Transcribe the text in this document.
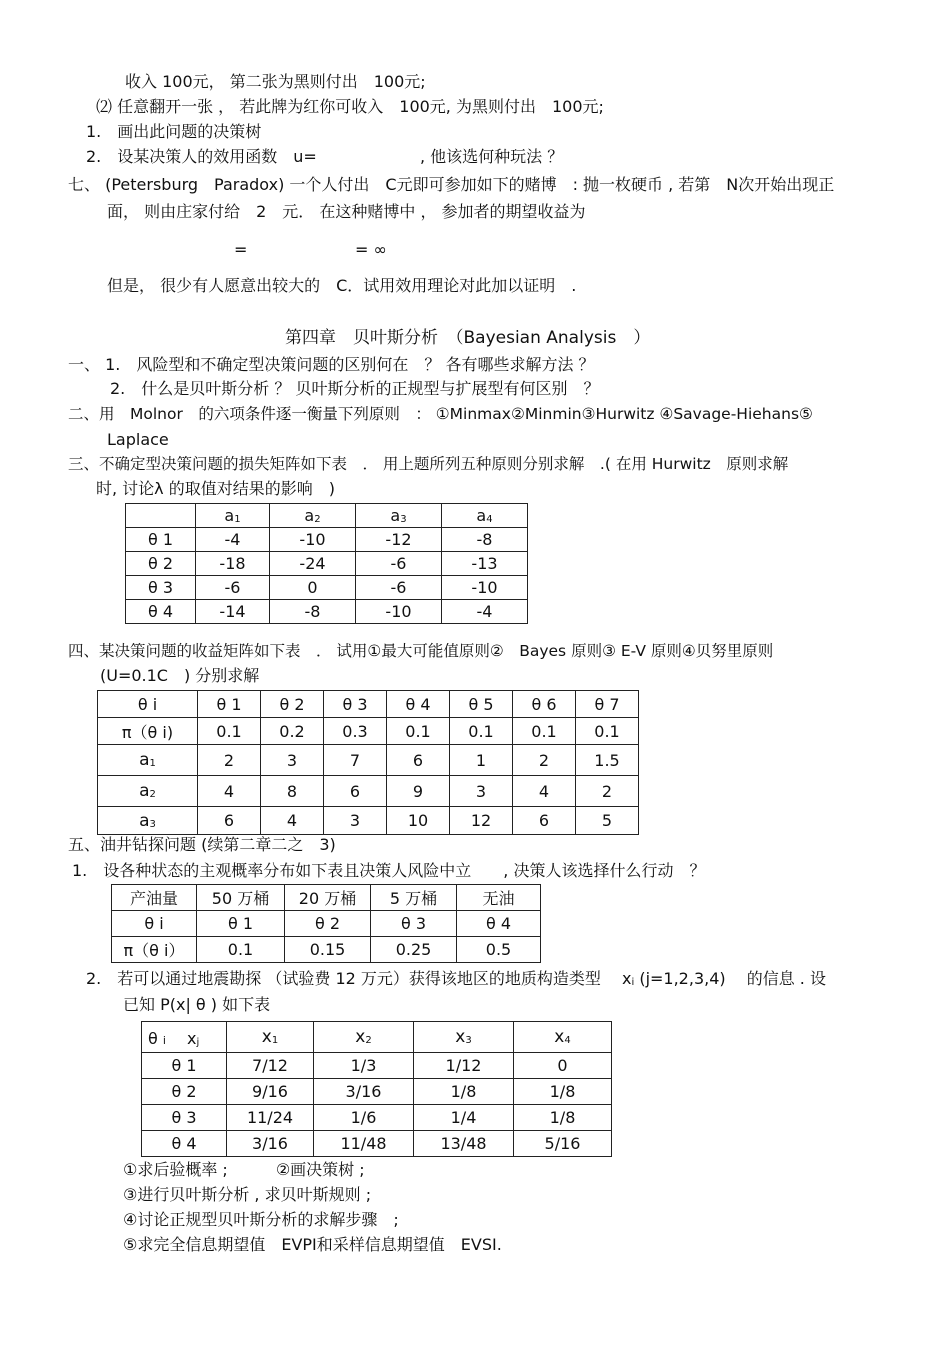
收入 100元， 第二张为黑则付出　100元;
⑵ 任意翻开一张 ， 若此牌为红你可收入　100元, 为黑则付出　100元;
1.　画出此问题的决策树
2.　设某决策人的效用函数　u=	, 他该选何种玩法 ？
七、 (Petersburg　Paradox) 一个人付出　C元即可参加如下的赌博　: 抛一枚硬币 , 若第　N次开始出现正
面， 则由庄家付给　2　元． 在这种赌博中 ， 参加者的期望收益为
=	= ∞
但是， 很少有人愿意出较大的　C．试用效用理论对此加以证明　.
第四章　贝叶斯分析　（Bayesian Analysis　）
一、 1.　风险型和不确定型决策问题的区别何在　？ 各有哪些求解方法 ？
2.　什么是贝叶斯分析 ？ 贝叶斯分析的正规型与扩展型有何区别　？
二、用　Molnor　的六项条件逐一衡量下列原则　： ①Minmax②Minmin③Hurwitz ④Savage-Hiehans⑤
Laplace
三、不确定型决策问题的损失矩阵如下表　． 用上题所列五种原则分别求解　.( 在用 Hurwitz　原则求解
时, 讨论λ 的取值对结果的影响　)
	$a_1$	$a_2$	$a_3$	$a_4$
θ 1	-4	-10	-12	-8
θ 2	-18	-24	-6	-13
θ 3	-6	0	-6	-10
θ 4	-14	-8	-10	-4
四、某决策问题的收益矩阵如下表　． 试用①最大可能值原则②　Bayes 原则③ E-V 原则④贝努里原则
(U=0.1C　) 分别求解
θ i	θ 1	θ 2	θ 3	θ 4	θ 5	θ 6	θ 7
π（θ i)	0.1	0.2	0.3	0.1	0.1	0.1	0.1
$a_1$	2	3	7	6	1	2	1.5
$a_2$	4	8	6	9	3	4	2
$a_3$	6	4	3	10	12	6	5
五、油井钻探问题 (续第二章二之　3)
1.　设各种状态的主观概率分布如下表且决策人风险中立　　, 决策人该选择什么行动　？
产油量	50 万桶	20 万桶	5 万桶	无油
θ i	θ 1	θ 2	θ 3	θ 4
π（θ i）	0.1	0.15	0.25	0.5
2.　若可以通过地震勘探 （试验费 12 万元）获得该地区的地质构造类型　 $x_i$ (j=1,2,3,4)　 的信息 . 设
已知 P(x| θ ) 如下表
θ i　 $x_j$	$x_1$	$x_2$	$x_3$	$x_4$
θ 1	7/12	1/3	1/12	0
θ 2	9/16	3/16	1/8	1/8
θ 3	11/24	1/6	1/4	1/8
θ 4	3/16	11/48	13/48	5/16
①求后验概率 ;　　　②画决策树 ;
③进行贝叶斯分析 , 求贝叶斯规则 ;
④讨论正规型贝叶斯分析的求解步骤　;
⑤求完全信息期望值　EVPI和采样信息期望值　EVSI.
